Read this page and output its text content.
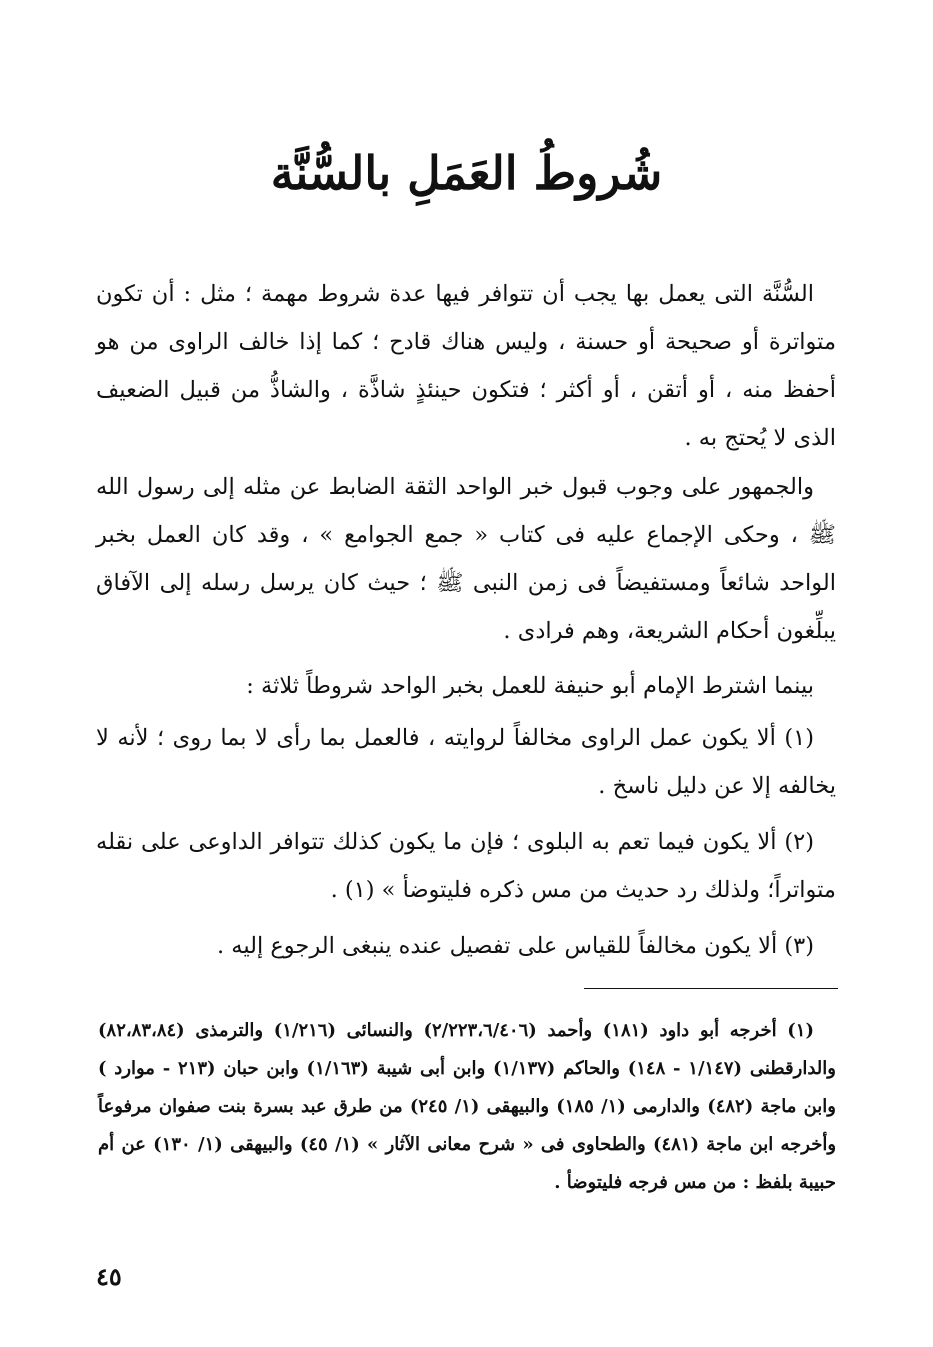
شُروطُ العَمَلِ بالسُّنَّة
السُّنَّة التى يعمل بها يجب أن تتوافر فيها عدة شروط مهمة ؛ مثل : أن تكون متواترة أو صحيحة أو حسنة ، وليس هناك قادح ؛ كما إذا خالف الراوى من هو أحفظ منه ، أو أتقن ، أو أكثر ؛ فتكون حينئذٍ شاذَّة ، والشاذُّ من قبيل الضعيف الذى لا يُحتج به .
والجمهور على وجوب قبول خبر الواحد الثقة الضابط عن مثله إلى رسول الله ﷺ ، وحكى الإجماع عليه فى كتاب « جمع الجوامع » ، وقد كان العمل بخبر الواحد شائعاً ومستفيضاً فى زمن النبى ﷺ ؛ حيث كان يرسل رسله إلى الآفاق يبلِّغون أحكام الشريعة، وهم فرادى .
بينما اشترط الإمام أبو حنيفة للعمل بخبر الواحد شروطاً ثلاثة :
(١) ألا يكون عمل الراوى مخالفاً لروايته ، فالعمل بما رأى لا بما روى ؛ لأنه لا يخالفه إلا عن دليل ناسخ .
(٢) ألا يكون فيما تعم به البلوى ؛ فإن ما يكون كذلك تتوافر الداوعى على نقله متواتراً؛ ولذلك رد حديث من مس ذكره فليتوضأ » (١) .
(٣) ألا يكون مخالفاً للقياس على تفصيل عنده ينبغى الرجوع إليه .
(١) أخرجه أبو داود (١٨١) وأحمد (٢/٢٢٣،٦/٤٠٦) والنسائى (١/٢١٦) والترمذى (٨٢،٨٣،٨٤) والدارقطنى (١/١٤٧ - ١٤٨) والحاكم (١/١٣٧) وابن أبى شيبة (١/١٦٣) وابن حبان (٢١٣ - موارد ) وابن ماجة (٤٨٢) والدارمى (١/ ١٨٥) والبيهقى (١/ ٢٤٥) من طرق عبد بسرة بنت صفوان مرفوعاً وأخرجه ابن ماجة (٤٨١) والطحاوى فى « شرح معانى الآثار » (١/ ٤٥) والبيهقى (١/ ١٣٠) عن أم حبيبة بلفظ : من مس فرجه فليتوضأ .
٤٥
